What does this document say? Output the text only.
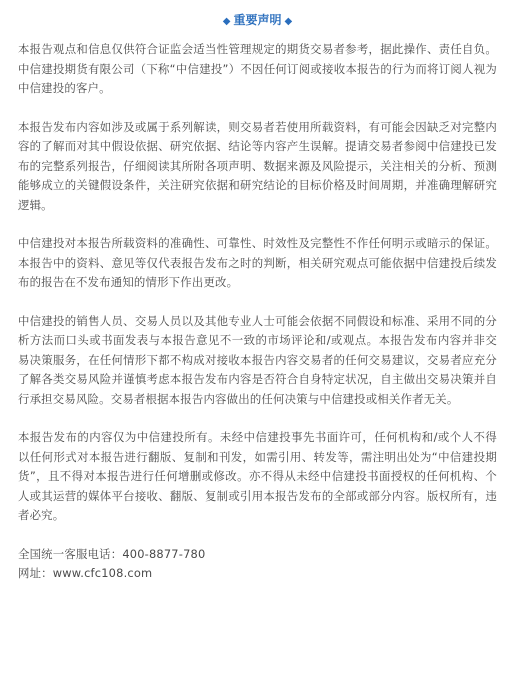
◆ 重要声明 ◆

本报告观点和信息仅供符合证监会适当性管理规定的期货交易者参考，据此操作、责任自负。中信建投期货有限公司（下称“中信建投”）不因任何订阅或接收本报告的行为而将订阅人视为中信建投的客户。

本报告发布内容如涉及或属于系列解读，则交易者若使用所载资料，有可能会因缺乏对完整内容的了解而对其中假设依据、研究依据、结论等内容产生误解。提请交易者参阅中信建投已发布的完整系列报告，仔细阅读其所附各项声明、数据来源及风险提示，关注相关的分析、预测能够成立的关键假设条件，关注研究依据和研究结论的目标价格及时间周期，并准确理解研究逻辑。

中信建投对本报告所载资料的准确性、可靠性、时效性及完整性不作任何明示或暗示的保证。本报告中的资料、意见等仅代表报告发布之时的判断，相关研究观点可能依据中信建投后续发布的报告在不发布通知的情形下作出更改。

中信建投的销售人员、交易人员以及其他专业人士可能会依据不同假设和标准、采用不同的分析方法而口头或书面发表与本报告意见不一致的市场评论和/或观点。本报告发布内容并非交易决策服务，在任何情形下都不构成对接收本报告内容交易者的任何交易建议，交易者应充分了解各类交易风险并谨慎考虑本报告发布内容是否符合自身特定状况，自主做出交易决策并自行承担交易风险。交易者根据本报告内容做出的任何决策与中信建投或相关作者无关。

本报告发布的内容仅为中信建投所有。未经中信建投事先书面许可，任何机构和/或个人不得以任何形式对本报告进行翻版、复制和刊发，如需引用、转发等，需注明出处为“中信建投期货”，且不得对本报告进行任何增删或修改。亦不得从未经中信建投书面授权的任何机构、个人或其运营的媒体平台接收、翻版、复制或引用本报告发布的全部或部分内容。版权所有，违者必究。

全国统一客服电话：400-8877-780

网址：www.cfc108.com
